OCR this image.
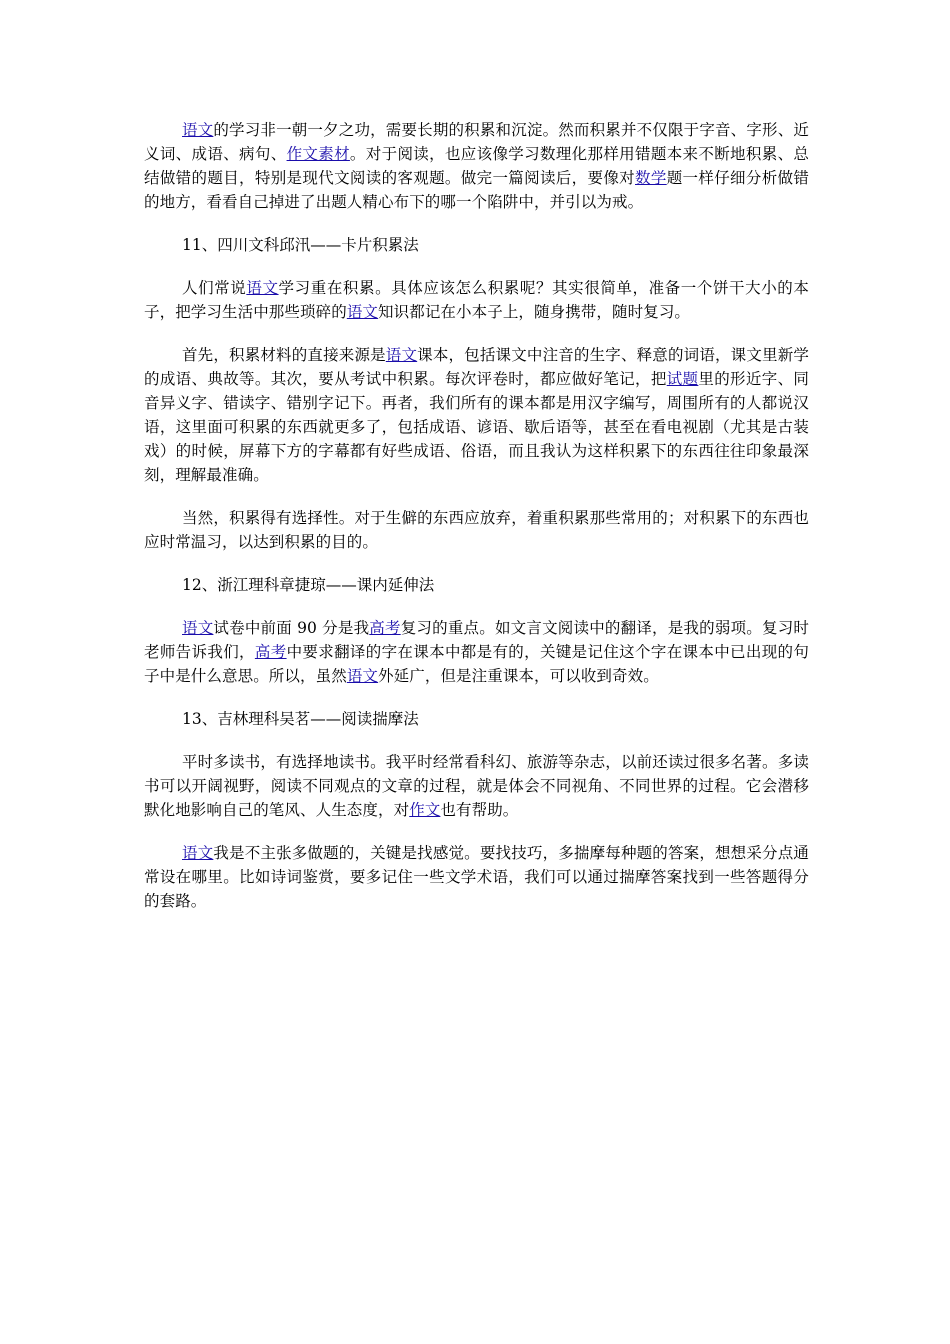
语文的学习非一朝一夕之功，需要长期的积累和沉淀。然而积累并不仅限于字音、字形、近义词、成语、病句、作文素材。对于阅读，也应该像学习数理化那样用错题本来不断地积累、总结做错的题目，特别是现代文阅读的客观题。做完一篇阅读后，要像对数学题一样仔细分析做错的地方，看看自己掉进了出题人精心布下的哪一个陷阱中，并引以为戒。

11、四川文科邱汛——卡片积累法

人们常说语文学习重在积累。具体应该怎么积累呢？其实很简单，准备一个饼干大小的本子，把学习生活中那些琐碎的语文知识都记在小本子上，随身携带，随时复习。

首先，积累材料的直接来源是语文课本，包括课文中注音的生字、释意的词语，课文里新学的成语、典故等。其次，要从考试中积累。每次评卷时，都应做好笔记，把试题里的形近字、同音异义字、错读字、错别字记下。再者，我们所有的课本都是用汉字编写，周围所有的人都说汉语，这里面可积累的东西就更多了，包括成语、谚语、歇后语等，甚至在看电视剧（尤其是古装戏）的时候，屏幕下方的字幕都有好些成语、俗语，而且我认为这样积累下的东西往往印象最深刻，理解最准确。

当然，积累得有选择性。对于生僻的东西应放弃，着重积累那些常用的；对积累下的东西也应时常温习，以达到积累的目的。

12、浙江理科章捷琼——课内延伸法

语文试卷中前面 90 分是我高考复习的重点。如文言文阅读中的翻译，是我的弱项。复习时老师告诉我们，高考中要求翻译的字在课本中都是有的，关键是记住这个字在课本中已出现的句子中是什么意思。所以，虽然语文外延广，但是注重课本，可以收到奇效。

13、吉林理科吴茗——阅读揣摩法

平时多读书，有选择地读书。我平时经常看科幻、旅游等杂志，以前还读过很多名著。多读书可以开阔视野，阅读不同观点的文章的过程，就是体会不同视角、不同世界的过程。它会潜移默化地影响自己的笔风、人生态度，对作文也有帮助。

语文我是不主张多做题的，关键是找感觉。要找技巧，多揣摩每种题的答案，想想采分点通常设在哪里。比如诗词鉴赏，要多记住一些文学术语，我们可以通过揣摩答案找到一些答题得分的套路。
